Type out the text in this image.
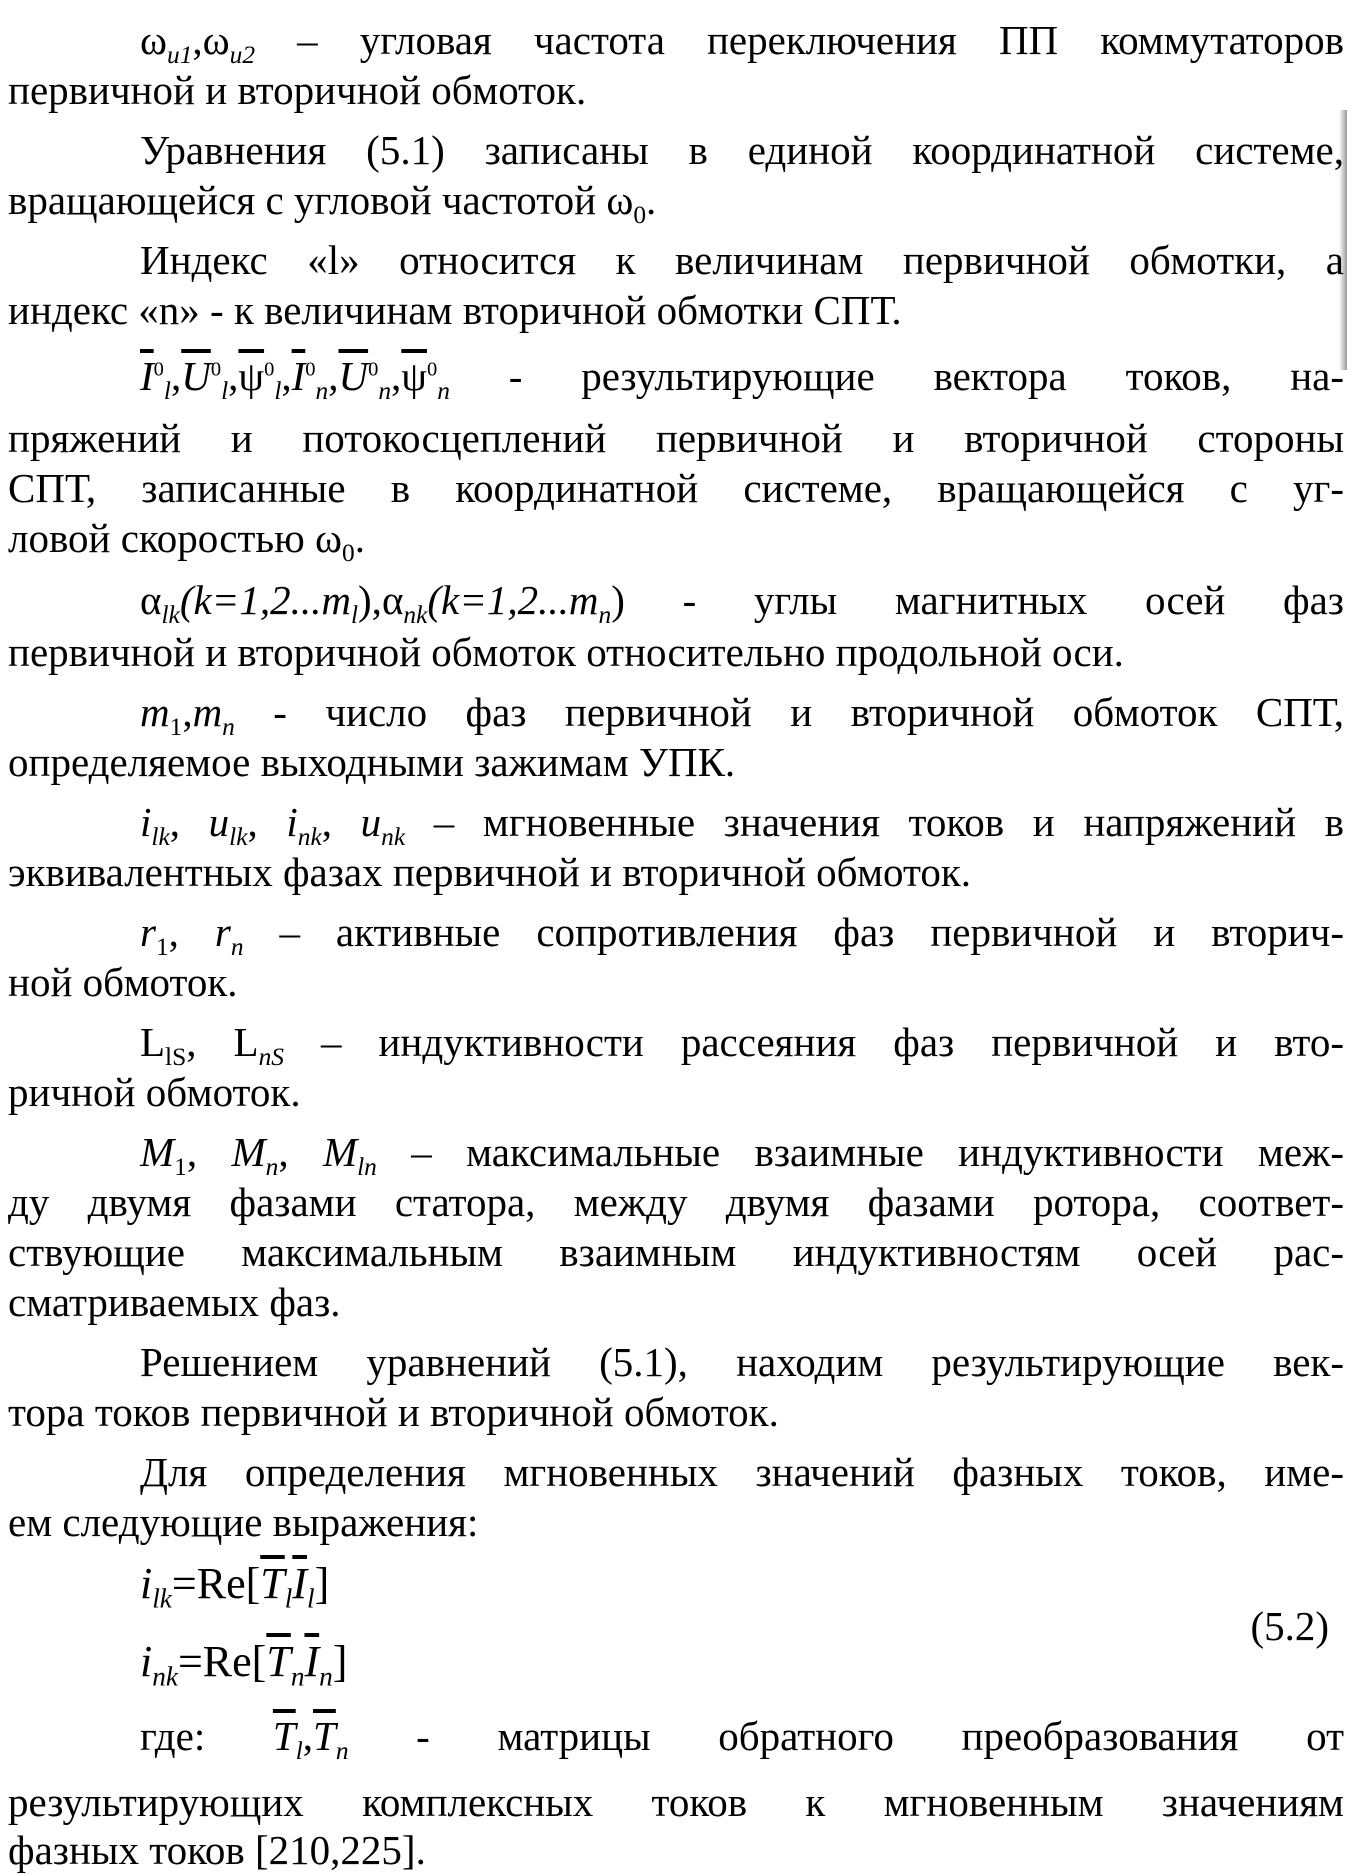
$\omega_{u1},\omega_{u2}$ – угловая частота переключения ПП коммутаторов
первичной и вторичной обмоток.
Уравнения (5.1) записаны в единой координатной системе,
вращающейся с угловой частотой $\omega_0$.
Индекс «l» относится к величинам первичной обмотки, а
индекс «n» - к величинам вторичной обмотки СПТ.
$\overline{I}^0_l,\overline{U}^0_l,\overline{\psi}^0_l,\overline{I}^0_n,\overline{U}^0_n,\overline{\psi}^0_n$ - результирующие вектора токов, на-
пряжений и потокосцеплений первичной и вторичной стороны
СПТ, записанные в координатной системе, вращающейся с уг-
ловой скоростью $\omega_0$.
$\alpha_{lk}(k=1,2...m_l),\alpha_{nk}(k=1,2...m_n)$ - углы магнитных осей фаз
первичной и вторичной обмоток относительно продольной оси.
$m_1,m_n$ - число фаз первичной и вторичной обмоток СПТ,
определяемое выходными зажимам УПК.
$i_{lk}$, $u_{lk}$, $i_{nk}$, $u_{nk}$ – мгновенные значения токов и напряжений в
эквивалентных фазах первичной и вторичной обмоток.
$r_1$, $r_n$ – активные сопротивления фаз первичной и вторич-
ной обмоток.
$L_{lS}$, $L_{nS}$ – индуктивности рассеяния фаз первичной и вто-
ричной обмоток.
$M_1$, $M_n$, $M_{ln}$ – максимальные взаимные индуктивности меж-
ду двумя фазами статора, между двумя фазами ротора, соответ-
ствующие максимальным взаимным индуктивностям осей рас-
сматриваемых фаз.
Решением уравнений (5.1), находим результирующие век-
тора токов первичной и вторичной обмоток.
Для определения мгновенных значений фазных токов, име-
ем следующие выражения:
$i_{lk}=Re[\overline{T}_l\overline{I}_l]$
(5.2)
$i_{nk}=Re[\overline{T}_n\overline{I}_n]$
где: $\overline{T}_l,\overline{T}_n$ - матрицы обратного преобразования от
результирующих комплексных токов к мгновенным значениям
фазных токов [210,225].
